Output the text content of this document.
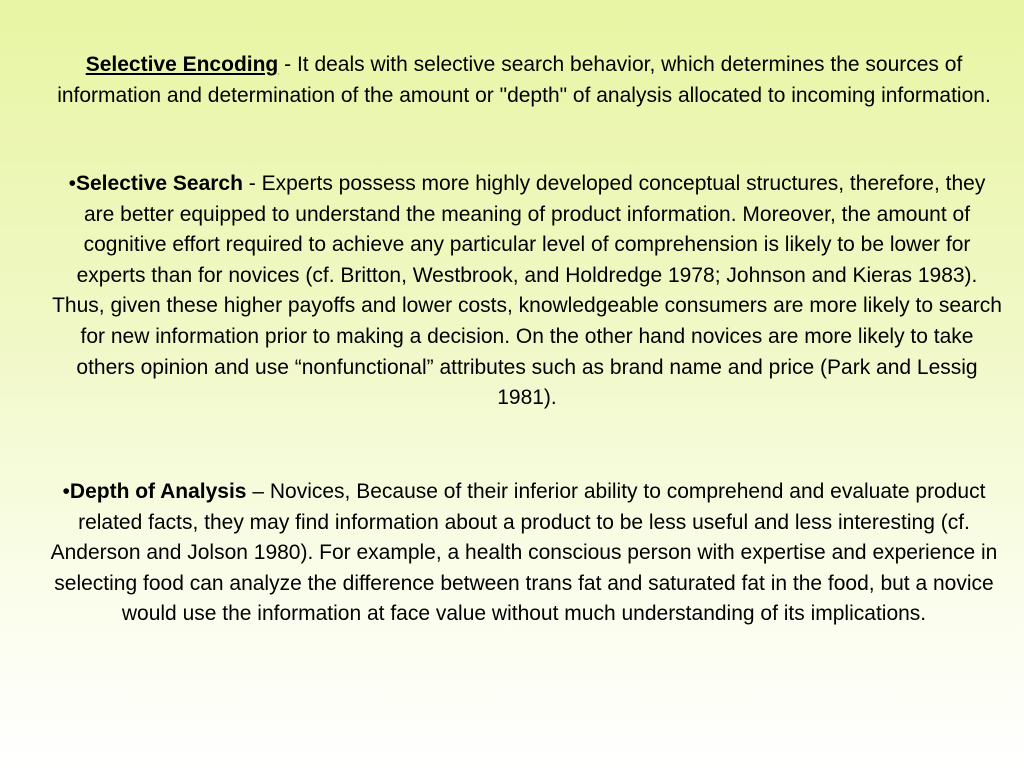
Selective Encoding - It deals with selective search behavior, which determines the sources of information and determination of the amount or "depth" of analysis allocated to incoming information.

•Selective Search - Experts possess more highly developed conceptual structures, therefore, they are better equipped to understand the meaning of product information. Moreover, the amount of cognitive effort required to achieve any particular level of comprehension is likely to be lower for experts than for novices (cf. Britton, Westbrook, and Holdredge 1978; Johnson and Kieras 1983). Thus, given these higher payoffs and lower costs, knowledgeable consumers are more likely to search for new information prior to making a decision. On the other hand novices are more likely to take others opinion and use “nonfunctional” attributes such as brand name and price (Park and Lessig 1981).

•Depth of Analysis – Novices, Because of their inferior ability to comprehend and evaluate product related facts, they may find information about a product to be less useful and less interesting (cf. Anderson and Jolson 1980). For example, a health conscious person with expertise and experience in selecting food can analyze the difference between trans fat and saturated fat in the food, but a novice would use the information at face value without much understanding of its implications.
